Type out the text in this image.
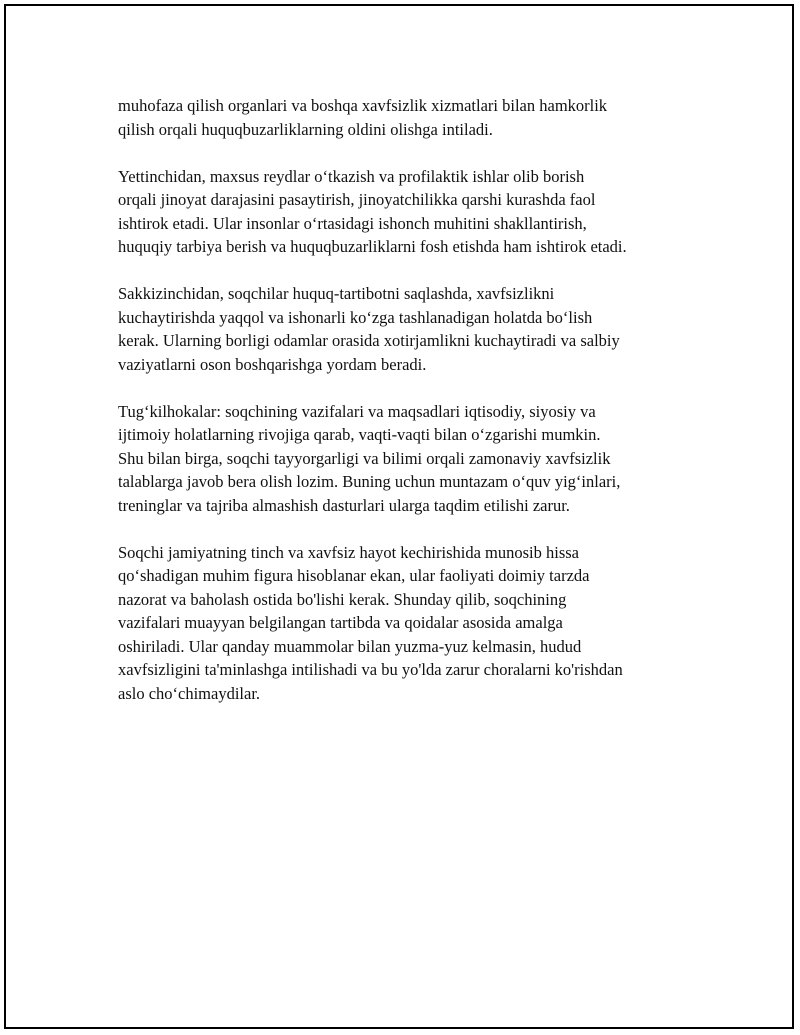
muhofaza qilish organlari va boshqa xavfsizlik xizmatlari bilan hamkorlik
qilish orqali huquqbuzarliklarning oldini olishga intiladi.

Yettinchidan, maxsus reydlar o‘tkazish va profilaktik ishlar olib borish
orqali jinoyat darajasini pasaytirish, jinoyatchilikka qarshi kurashda faol
ishtirok etadi. Ular insonlar o‘rtasidagi ishonch muhitini shakllantirish,
huquqiy tarbiya berish va huquqbuzarliklarni fosh etishda ham ishtirok etadi.

Sakkizinchidan, soqchilar huquq-tartibotni saqlashda, xavfsizlikni
kuchaytirishda yaqqol va ishonarli ko‘zga tashlanadigan holatda bo‘lish
kerak. Ularning borligi odamlar orasida xotirjamlikni kuchaytiradi va salbiy
vaziyatlarni oson boshqarishga yordam beradi.

Tug‘kilhokalar: soqchining vazifalari va maqsadlari iqtisodiy, siyosiy va
ijtimoiy holatlarning rivojiga qarab, vaqti-vaqti bilan o‘zgarishi mumkin.
Shu bilan birga, soqchi tayyorgarligi va bilimi orqali zamonaviy xavfsizlik
talablarga javob bera olish lozim. Buning uchun muntazam o‘quv yig‘inlari,
treninglar va tajriba almashish dasturlari ularga taqdim etilishi zarur.

Soqchi jamiyatning tinch va xavfsiz hayot kechirishida munosib hissa
qo‘shadigan muhim figura hisoblanar ekan, ular faoliyati doimiy tarzda
nazorat va baholash ostida bo'lishi kerak. Shunday qilib, soqchining
vazifalari muayyan belgilangan tartibda va qoidalar asosida amalga
oshiriladi. Ular qanday muammolar bilan yuzma-yuz kelmasin, hudud
xavfsizligini ta'minlashga intilishadi va bu yo'lda zarur choralarni ko'rishdan
aslo cho‘chimaydilar.
